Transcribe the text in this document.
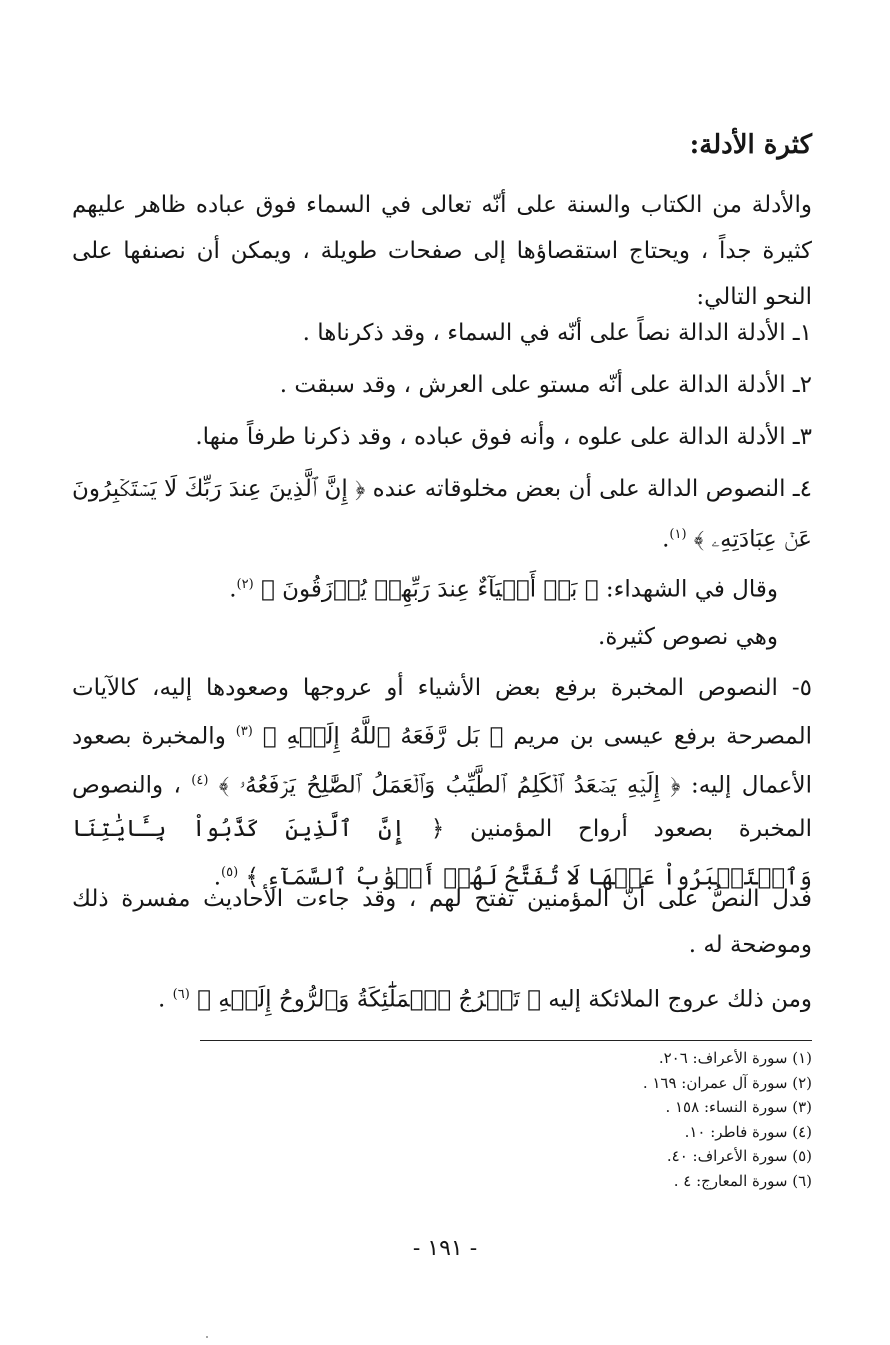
كثرة الأدلة:

والأدلة من الكتاب والسنة على أنّه تعالى في السماء فوق عباده ظاهر عليهم كثيرة جداً ، ويحتاج استقصاؤها إلى صفحات طويلة ، ويمكن أن نصنفها على النحو التالي:

١ـ الأدلة الدالة نصاً على أنّه في السماء ، وقد ذكرناها .
٢ـ الأدلة الدالة على أنّه مستو على العرش ، وقد سبقت .
٣ـ الأدلة الدالة على علوه ، وأنه فوق عباده ، وقد ذكرنا طرفاً منها.
٤ـ النصوص الدالة على أن بعض مخلوقاته عنده ﴿ إِنَّ ٱلَّذِينَ عِندَ رَبِّكَ لَا يَسۡتَكۡبِرُونَ عَنۡ عِبَادَتِهِۦ ﴾ $^{(١)}$.
وقال في الشهداء: ﴿ بَلۡ أَحۡيَآءٌ عِندَ رَبِّهِمۡ يُرۡزَقُونَ ﴾ $^{(٢)}$.
وهي نصوص كثيرة.
٥- النصوص المخبرة برفع بعض الأشياء أو عروجها وصعودها إليه، كالآيات المصرحة برفع عيسى بن مريم ﴿ بَل رَّفَعَهُ ٱللَّهُ إِلَيۡهِ ﴾ $^{(٣)}$ والمخبرة بصعود الأعمال إليه: ﴿ إِلَيۡهِ يَصۡعَدُ ٱلۡكَلِمُ ٱلطَّيِّبُ وَٱلۡعَمَلُ ٱلصَّٰلِحُ يَرۡفَعُهُۥ ﴾ $^{(٤)}$ ، والنصوص المخبرة بصعود أرواح المؤمنين ﴿ إِنَّ ٱلَّذِينَ كَذَّبُواْ بِـَٔايَٰتِنَا وَٱسۡتَكۡبَرُواْ عَنۡهَا لَا تُفَتَّحُ لَهُمۡ أَبۡوَٰبُ ٱلسَّمَآءِ ﴾ $^{(٥)}$.
فدل النصُّ على أنّ المؤمنين تفتح لهم ، وقد جاءت الأحاديث مفسرة ذلك وموضحة له .
ومن ذلك عروج الملائكة إليه ﴿ تَعۡرُجُ ٱلۡمَلَٰٓئِكَةُ وَٱلرُّوحُ إِلَيۡهِ ﴾ $^{(٦)}$ .
(١) سورة الأعراف: ٢٠٦.
(٢) سورة آل عمران: ١٦٩ .
(٣) سورة النساء: ١٥٨ .
(٤) سورة فاطر: ١٠.
(٥) سورة الأعراف: ٤٠.
(٦) سورة المعارج: ٤ .
- ١٩١ -
